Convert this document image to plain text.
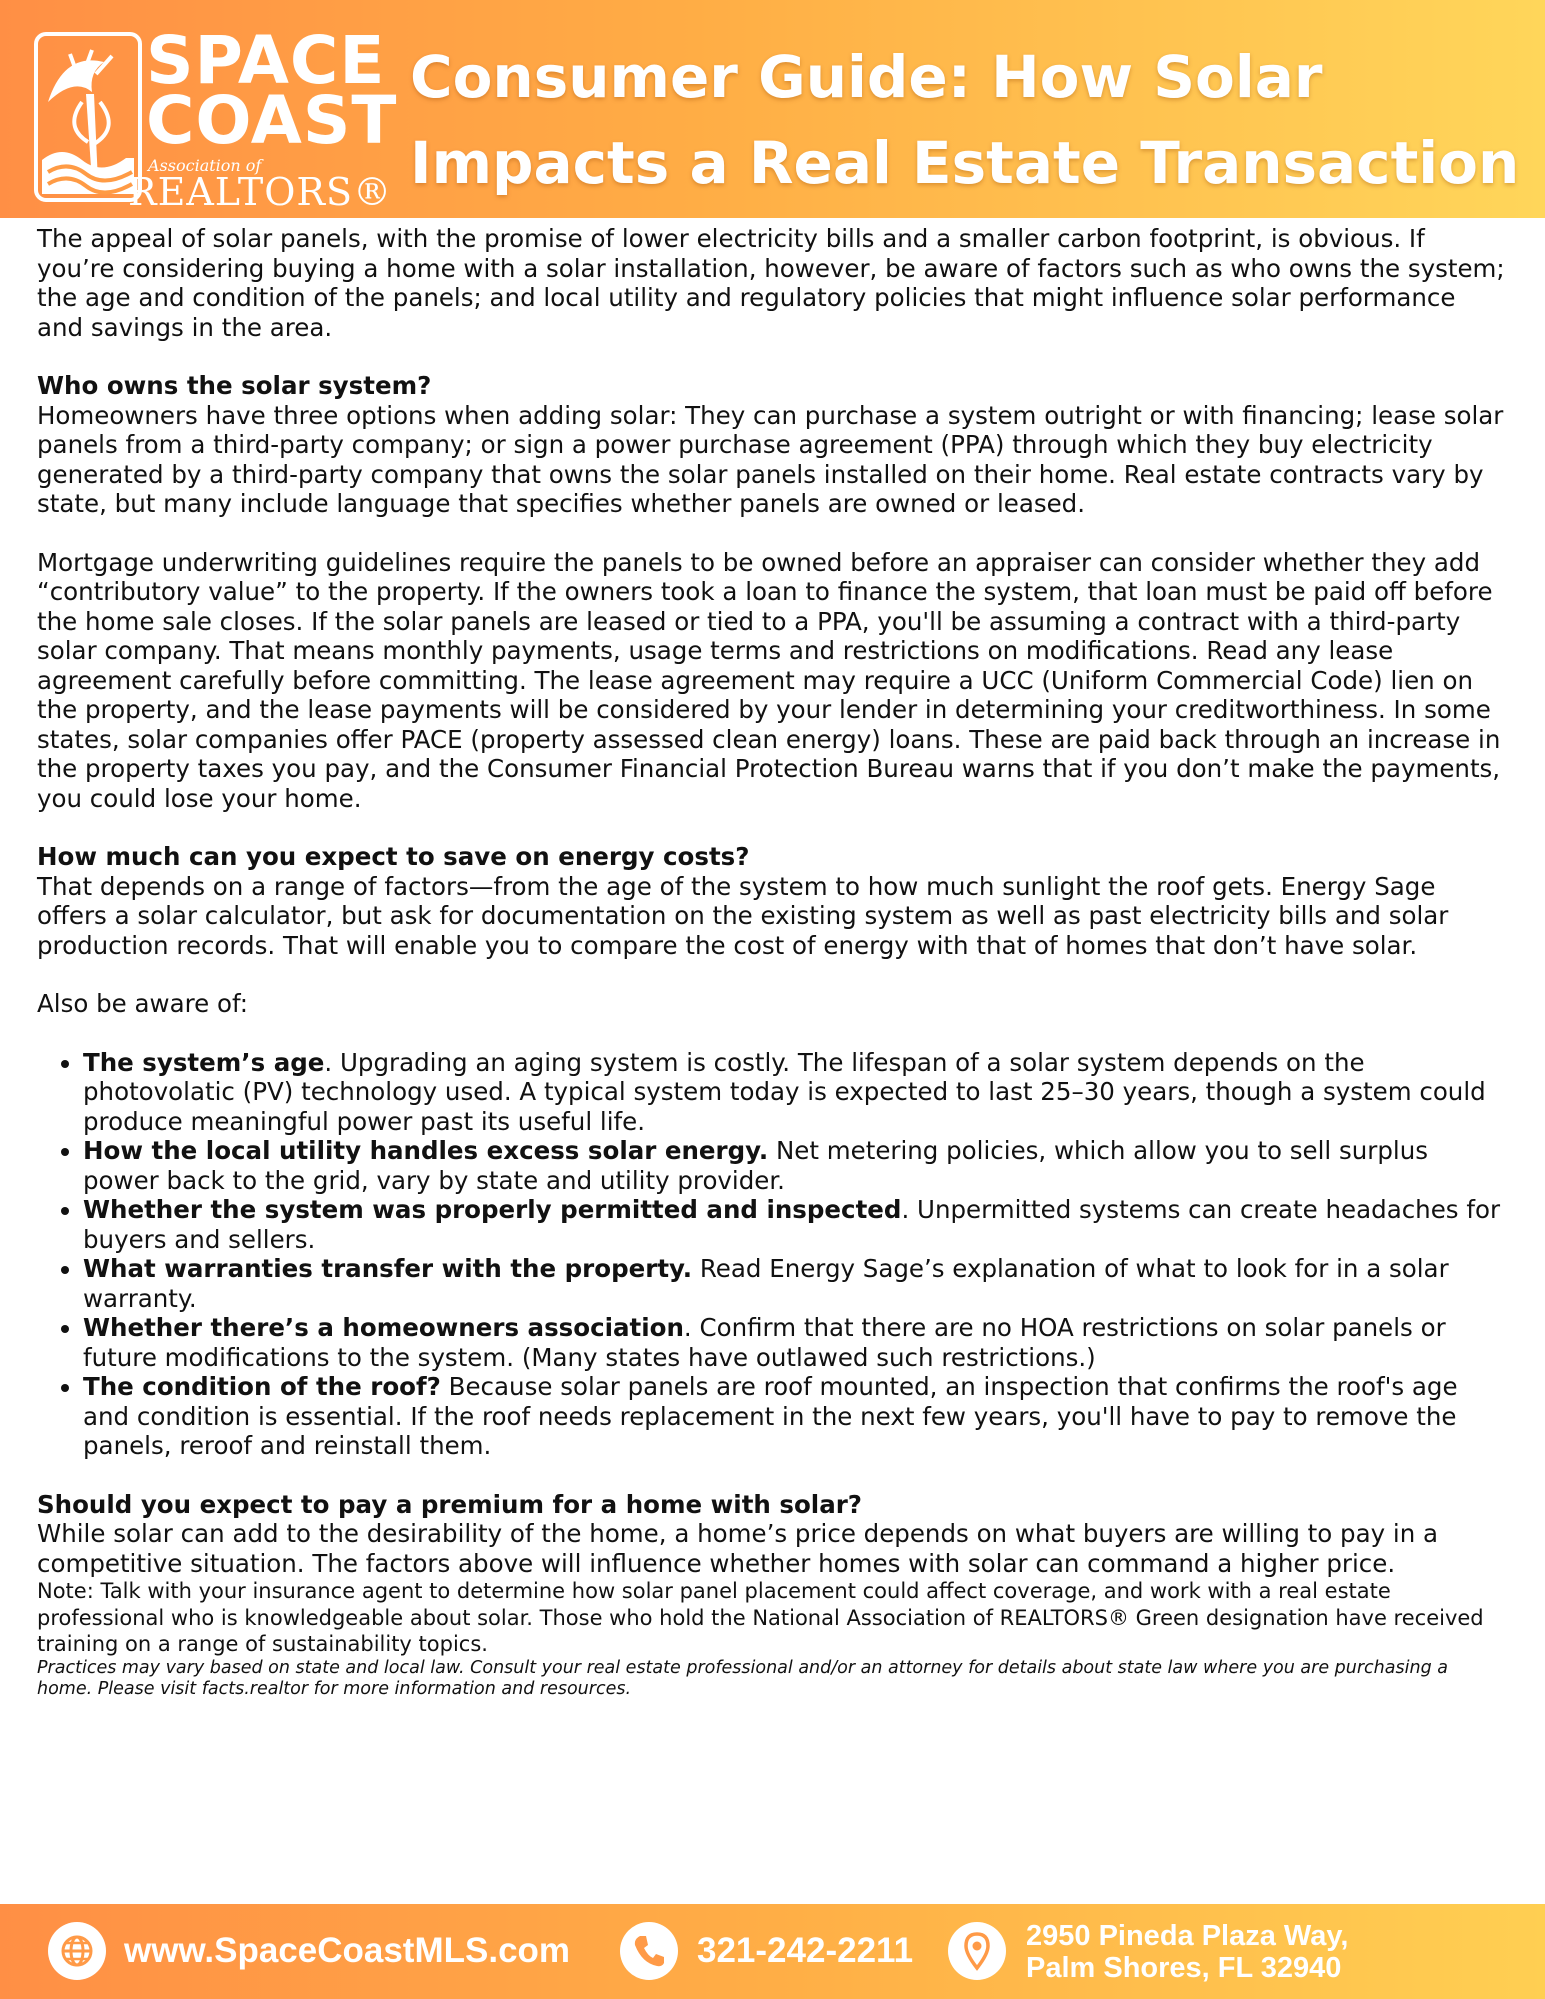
SPACE
COAST
Association of
REALTORS®
Consumer Guide: How Solar
Impacts a Real Estate Transaction

The appeal of solar panels, with the promise of lower electricity bills and a smaller carbon footprint, is obvious. If you’re considering buying a home with a solar installation, however, be aware of factors such as who owns the system; the age and condition of the panels; and local utility and regulatory policies that might influence solar performance and savings in the area.

Who owns the solar system?

Homeowners have three options when adding solar: They can purchase a system outright or with financing; lease solar panels from a third-party company; or sign a power purchase agreement (PPA) through which they buy electricity generated by a third-party company that owns the solar panels installed on their home. Real estate contracts vary by state, but many include language that specifies whether panels are owned or leased.

Mortgage underwriting guidelines require the panels to be owned before an appraiser can consider whether they add “contributory value” to the property. If the owners took a loan to finance the system, that loan must be paid off before the home sale closes. If the solar panels are leased or tied to a PPA, you'll be assuming a contract with a third-party solar company. That means monthly payments, usage terms and restrictions on modifications. Read any lease agreement carefully before committing. The lease agreement may require a UCC (Uniform Commercial Code) lien on the property, and the lease payments will be considered by your lender in determining your creditworthiness. In some states, solar companies offer PACE (property assessed clean energy) loans. These are paid back through an increase in the property taxes you pay, and the Consumer Financial Protection Bureau warns that if you don’t make the payments, you could lose your home.

How much can you expect to save on energy costs?

That depends on a range of factors—from the age of the system to how much sunlight the roof gets. Energy Sage offers a solar calculator, but ask for documentation on the existing system as well as past electricity bills and solar production records. That will enable you to compare the cost of energy with that of homes that don’t have solar.

Also be aware of:

• The system’s age. Upgrading an aging system is costly. The lifespan of a solar system depends on the photovolatic (PV) technology used. A typical system today is expected to last 25–30 years, though a system could produce meaningful power past its useful life.
• How the local utility handles excess solar energy. Net metering policies, which allow you to sell surplus power back to the grid, vary by state and utility provider.
• Whether the system was properly permitted and inspected. Unpermitted systems can create headaches for buyers and sellers.
• What warranties transfer with the property. Read Energy Sage’s explanation of what to look for in a solar warranty.
• Whether there’s a homeowners association. Confirm that there are no HOA restrictions on solar panels or future modifications to the system. (Many states have outlawed such restrictions.)
• The condition of the roof? Because solar panels are roof mounted, an inspection that confirms the roof's age and condition is essential. If the roof needs replacement in the next few years, you'll have to pay to remove the panels, reroof and reinstall them.

Should you expect to pay a premium for a home with solar?

While solar can add to the desirability of the home, a home’s price depends on what buyers are willing to pay in a competitive situation. The factors above will influence whether homes with solar can command a higher price.

Note: Talk with your insurance agent to determine how solar panel placement could affect coverage, and work with a real estate professional who is knowledgeable about solar. Those who hold the National Association of REALTORS® Green designation have received training on a range of sustainability topics.

Practices may vary based on state and local law. Consult your real estate professional and/or an attorney for details about state law where you are purchasing a home. Please visit facts.realtor for more information and resources.

www.SpaceCoastMLS.com	321-242-2211	2950 Pineda Plaza Way,
Palm Shores, FL 32940
